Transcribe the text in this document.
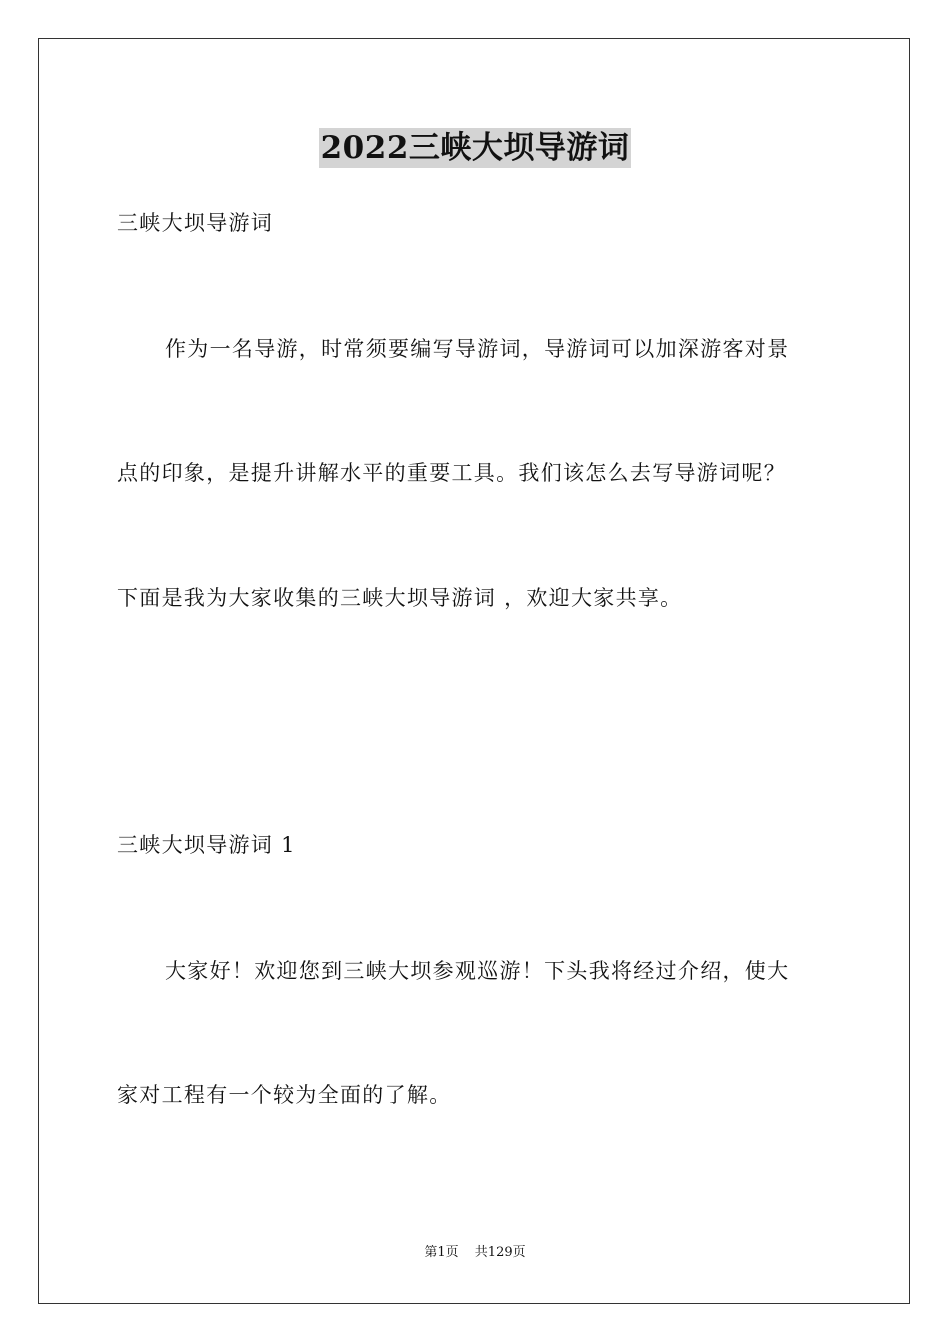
2022三峡大坝导游词
三峡大坝导游词
作为一名导游，时常须要编写导游词，导游词可以加深游客对景
点的印象，是提升讲解水平的重要工具。我们该怎么去写导游词呢？
下面是我为大家收集的三峡大坝导游词 ，欢迎大家共享。
三峡大坝导游词 1
大家好！欢迎您到三峡大坝参观巡游！下头我将经过介绍，使大
家对工程有一个较为全面的了解。
第1页 共129页
